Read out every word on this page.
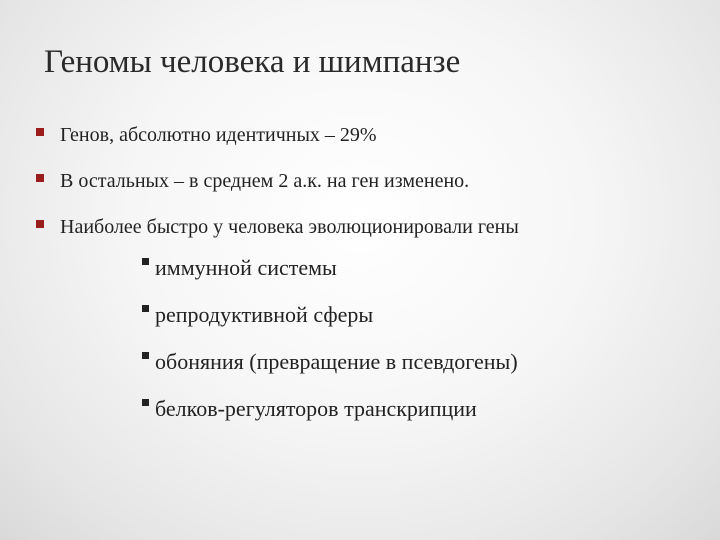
Геномы человека и шимпанзе
Генов, абсолютно идентичных – 29%
В остальных – в среднем 2 а.к. на ген изменено.
Наиболее быстро у человека эволюционировали гены
иммунной системы
репродуктивной сферы
обоняния (превращение в псевдогены)
белков-регуляторов транскрипции
